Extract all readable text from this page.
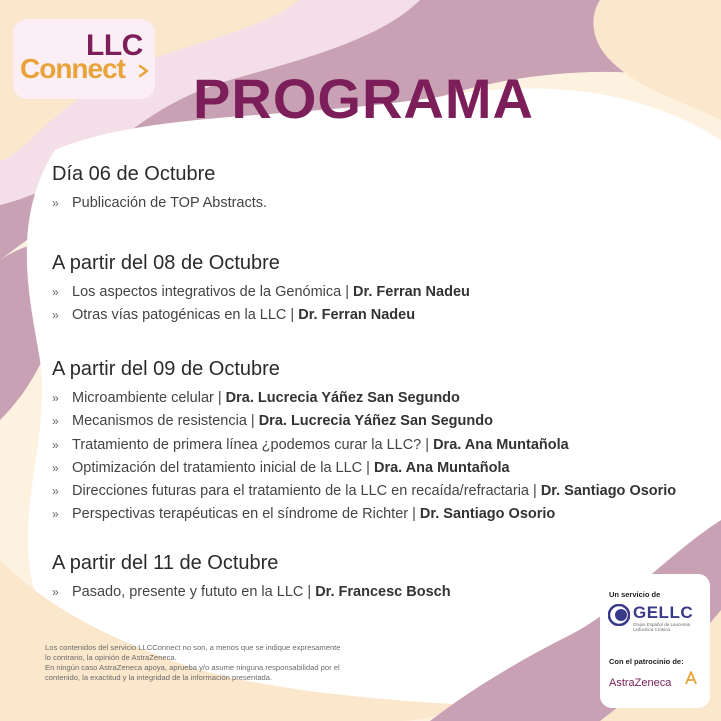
LLC
Connect	PROGRAMA
Día 06 de Octubre
» Publicación de TOP Abstracts.
A partir del 08 de Octubre
» Los aspectos integrativos de la Genómica | Dr. Ferran Nadeu
» Otras vías patogénicas en la LLC | Dr. Ferran Nadeu
A partir del 09 de Octubre
» Microambiente celular | Dra. Lucrecia Yáñez San Segundo
» Mecanismos de resistencia | Dra. Lucrecia Yáñez San Segundo
» Tratamiento de primera línea ¿podemos curar la LLC? | Dra. Ana Muntañola
» Optimización del tratamiento inicial de la LLC | Dra. Ana Muntañola
» Direcciones futuras para el tratamiento de la LLC en recaída/refractaria | Dr. Santiago Osorio
» Perspectivas terapéuticas en el síndrome de Richter | Dr. Santiago Osorio
A partir del 11 de Octubre
» Pasado, presente y fututo en la LLC | Dr. Francesc Bosch
Los contenidos del servicio LLCConnect no son, a menos que se indique expresamente
lo contrario, la opinión de AstraZeneca.
En ningún caso AstraZeneca apoya, aprueba y/o asume ninguna responsabilidad por el
contenido, la exactitud y la integridad de la información presentada.
Un servicio de
GELLC
Grupo Español de Leucemia Linfocítica Crónica
Con el patrocinio de:
AstraZeneca
